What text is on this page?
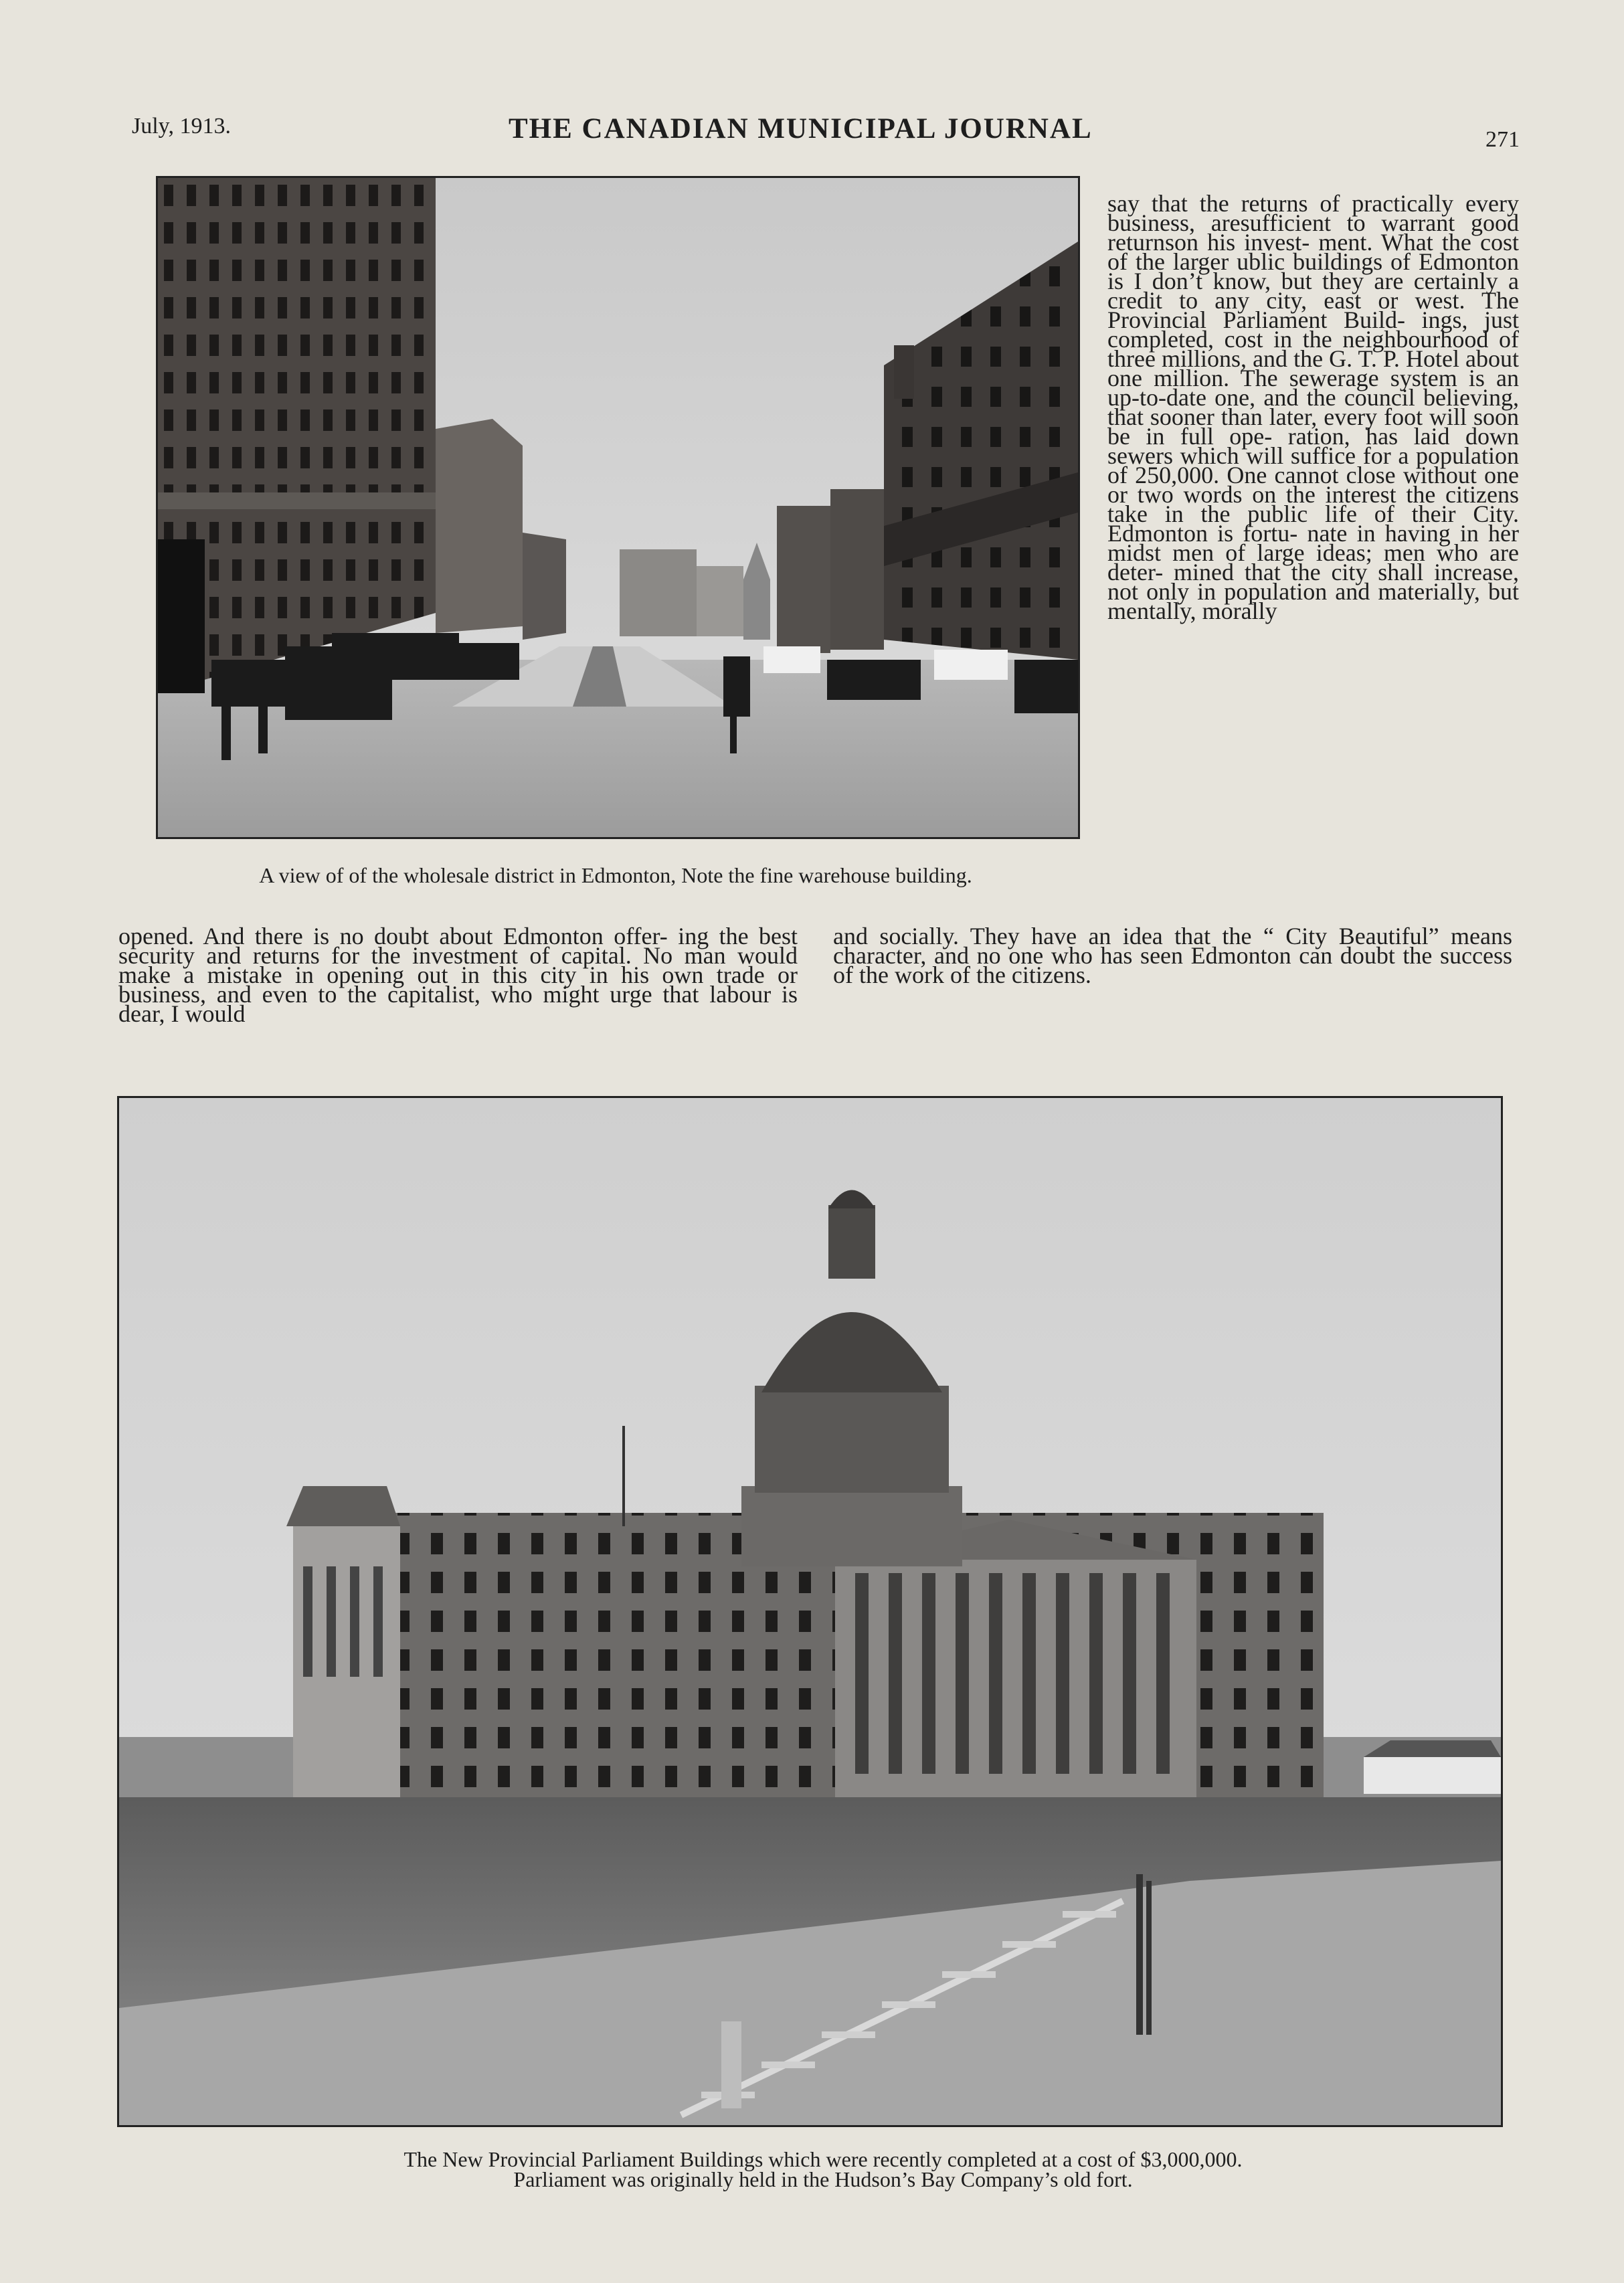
July, 1913.	THE CANADIAN MUNICIPAL JOURNAL	271
A view of of the wholesale district in Edmonton, Note the fine warehouse building.

say that the returns of practically every business, aresufficient to warrant good returnson his invest- ment. What the cost of the larger ublic buildings of Edmonton is I don’t know, but they are certainly a credit to any city, east or west. The Provincial Parliament Build- ings, just completed, cost in the neighbourhood of three millions, and the G. T. P. Hotel about one million. The sewerage system is an up-to-date one, and the council believing, that sooner than later, every foot will soon be in full ope- ration, has laid down sewers which will suffice for a population of 250,000. One cannot close without one or two words on the interest the citizens take in the public life of their City. Edmonton is fortu- nate in having in her midst men of large ideas; men who are deter- mined that the city shall increase, not only in population and materially, but mentally, morally

opened. And there is no doubt about Edmonton offer- ing the best security and returns for the investment of capital. No man would make a mistake in opening out in this city in his own trade or business, and even to the capitalist, who might urge that labour is dear, I would

and socially. They have an idea that the “ City Beautiful” means character, and no one who has seen Edmonton can doubt the success of the work of the citizens.

The New Provincial Parliament Buildings which were recently completed at a cost of $3,000,000.
Parliament was originally held in the Hudson’s Bay Company’s old fort.
